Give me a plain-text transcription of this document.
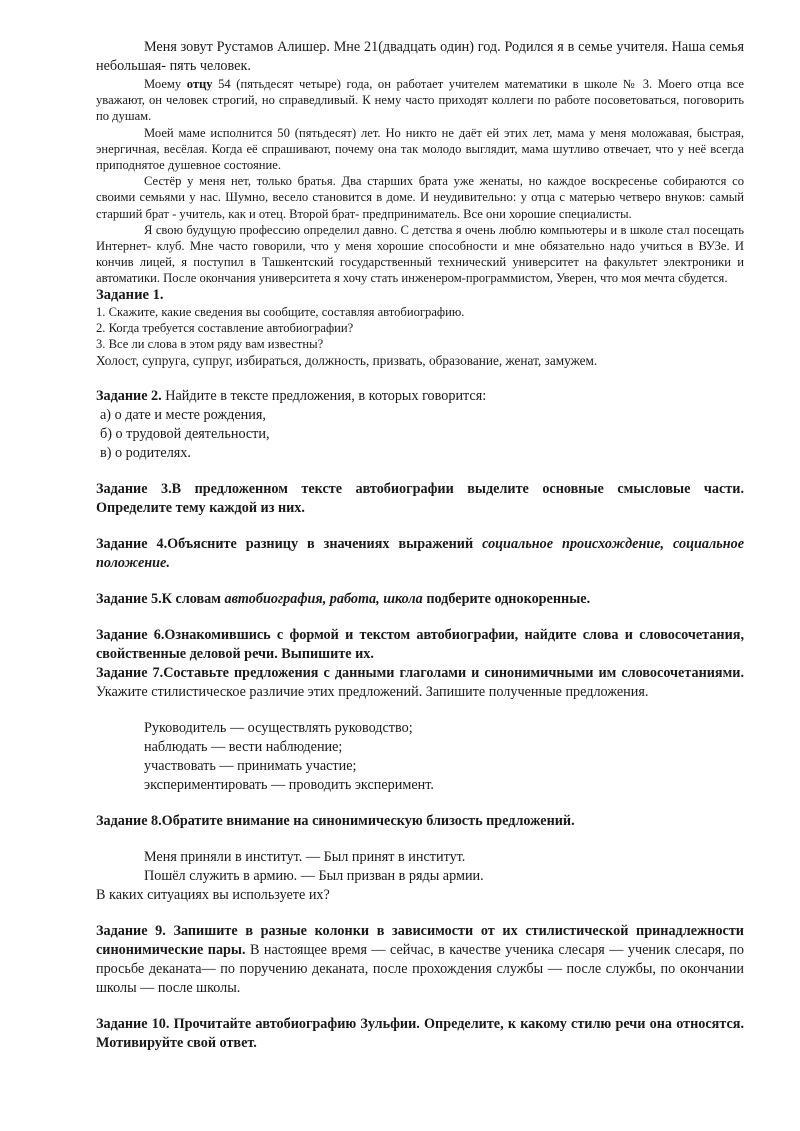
Меня зовут Рустамов Алишер. Мне 21(двадцать один) год. Родился я в семье учителя. Наша семья небольшая- пять человек.

Моему отцу 54 (пятьдесят четыре) года, он работает учителем математики в школе № 3. Моего отца все уважают, он человек строгий, но справедливый. К нему часто приходят коллеги по работе посоветоваться, поговорить по душам.

Моей маме исполнится 50 (пятьдесят) лет. Но никто не даёт ей этих лет, мама у меня моложавая, быстрая, энергичная, весёлая. Когда её спрашивают, почему она так молодо выглядит, мама шутливо отвечает, что у неё всегда приподнятое душевное состояние.

Сестёр у меня нет, только братья. Два старших брата уже женаты, но каждое воскресенье собираются со своими семьями у нас. Шумно, весело становится в доме. И неудивительно: у отца с матерью четверо внуков: самый старший брат - учитель, как и отец. Второй брат- предприниматель. Все они хорошие специалисты.

Я свою будущую профессию определил давно. С детства я очень люблю компьютеры и в школе стал посещать Интернет- клуб. Мне часто говорили, что у меня хорошие способности и мне обязательно надо учиться в ВУЗе. И кончив лицей, я поступил в Ташкентский государственный технический университет на факультет электроники и автоматики. После окончания университета я хочу стать инженером-программистом, Уверен, что моя мечта сбудется.

Задание 1.

1. Скажите, какие сведения вы сообщите, составляя автобиографию.

2. Когда требуется составление автобиографии?

3. Все ли слова в этом ряду вам известны?

Холост, супруга, супруг, избираться, должность, призвать, образование, женат, замужем.

Задание 2. Найдите в тексте предложения, в которых говорится:

а) о дате и месте рождения,

б) о трудовой деятельности,

в) о родителях.

Задание 3.В предложенном тексте автобиографии выделите основные смысловые части. Определите тему каждой из них.

Задание 4.Объясните разницу в значениях выражений социальное происхождение, социальное положение.

Задание 5.К словам автобиография, работа, школа подберите однокоренные.

Задание 6.Ознакомившись с формой и текстом автобиографии, найдите слова и словосочетания, свойственные деловой речи. Выпишите их.

Задание 7.Составьте предложения с данными глаголами и синонимичными им словосочетаниями. Укажите стилистическое различие этих предложений. Запишите полученные предложения.

Руководитель — осуществлять руководство;

наблюдать — вести наблюдение;

участвовать — принимать участие;

экспериментировать — проводить эксперимент.

Задание 8.Обратите внимание на синонимическую близость предложений.

Меня приняли в институт. — Был принят в институт.

Пошёл служить в армию. — Был призван в ряды армии.

В каких ситуациях вы используете их?

Задание 9. Запишите в разные колонки в зависимости от их стилистической принадлежности синонимические пары. В настоящее время — сейчас, в качестве ученика слесаря — ученик слесаря, по просьбе деканата— по поручению деканата, после прохождения службы — после службы, по окончании школы — после школы.

Задание 10. Прочитайте автобиографию Зульфии. Определите, к какому стилю речи она относятся. Мотивируйте свой ответ.
